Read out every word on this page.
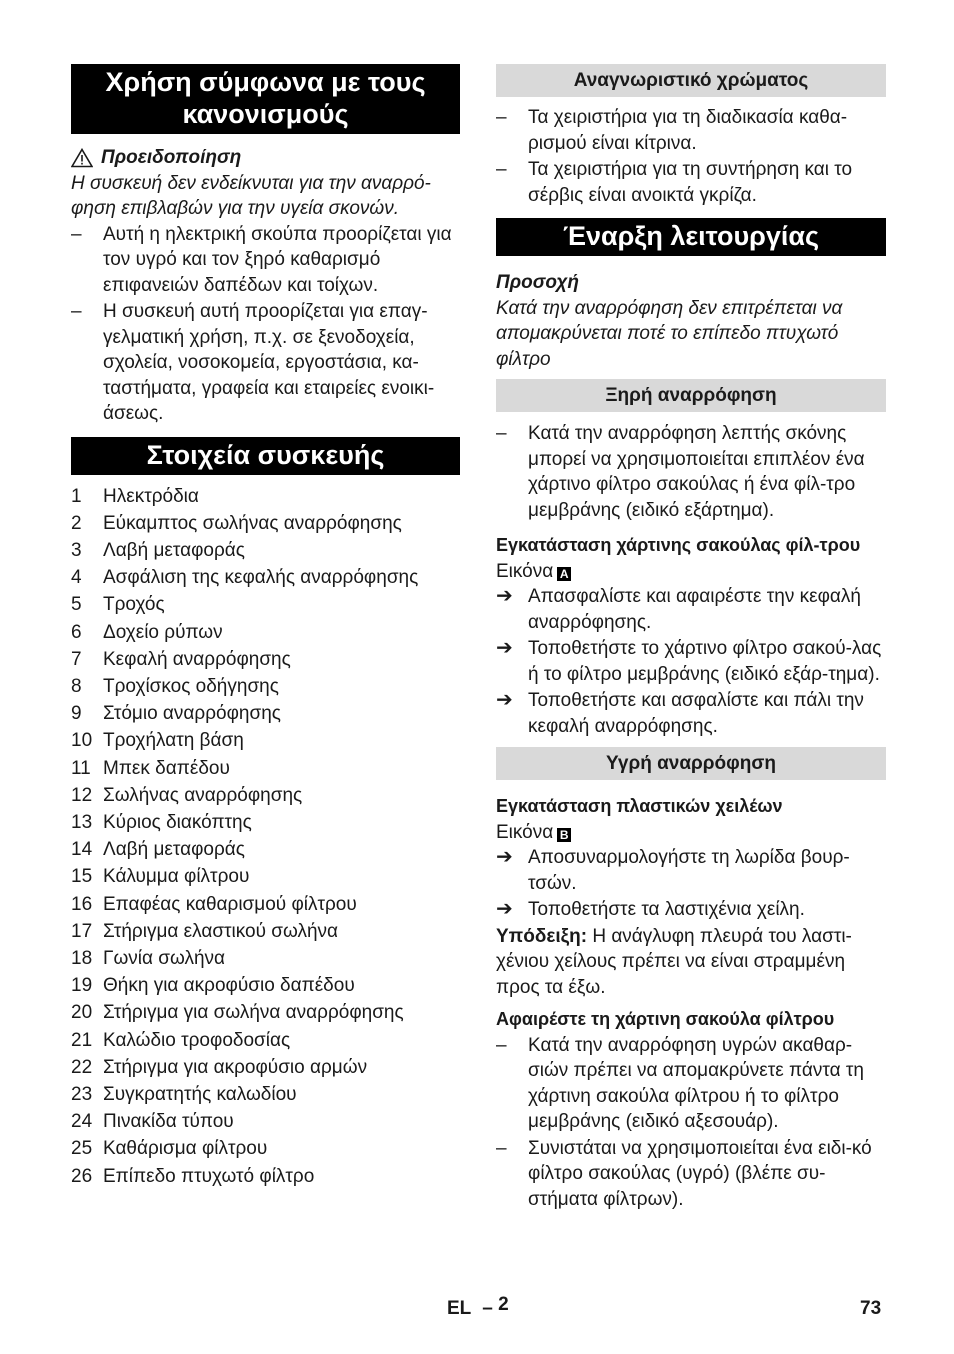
Χρήση σύμφωνα με τους κανονισμούς
Προειδοποίηση

Η συσκευή δεν ενδείκνυται για την αναρρό-φηση επιβλαβών για την υγεία σκονών.

–	Αυτή η ηλεκτρική σκούπα προορίζεται για τον υγρό και τον ξηρό καθαρισμό επιφανειών δαπέδων και τοίχων.
–	Η συσκευή αυτή προορίζεται για επαγ-γελματική χρήση, π.χ. σε ξενοδοχεία, σχολεία, νοσοκομεία, εργοστάσια, κα-ταστήματα, γραφεία και εταιρείες ενοικι-άσεως.
Στοιχεία συσκευής
1	Ηλεκτρόδια
2	Εύκαμπτος σωλήνας αναρρόφησης
3	Λαβή μεταφοράς
4	Ασφάλιση της κεφαλής αναρρόφησης
5	Τροχός
6	Δοχείο ρύπων
7	Κεφαλή αναρρόφησης
8	Τροχίσκος οδήγησης
9	Στόμιο αναρρόφησης
10 Τροχήλατη βάση
11 Μπεκ δαπέδου
12 Σωλήνας αναρρόφησης
13 Κύριος διακόπτης
14 Λαβή μεταφοράς
15 Κάλυμμα φίλτρου
16 Επαφέας καθαρισμού φίλτρου
17 Στήριγμα ελαστικού σωλήνα
18 Γωνία σωλήνα
19 Θήκη για ακροφύσιο δαπέδου
20 Στήριγμα για σωλήνα αναρρόφησης
21 Καλώδιο τροφοδοσίας
22 Στήριγμα για ακροφύσιο αρμών
23 Συγκρατητής καλωδίου
24 Πινακίδα τύπου
25 Καθάρισμα φίλτρου
26 Επίπεδο πτυχωτό φίλτρο
Αναγνωριστικό χρώματος
–	Τα χειριστήρια για τη διαδικασία καθα-ρισμού είναι κίτρινα.
–	Τα χειριστήρια για τη συντήρηση και το σέρβις είναι ανοικτά γκρίζα.
Έναρξη λειτουργίας

Προσοχή

Κατά την αναρρόφηση δεν επιτρέπεται να απομακρύνεται ποτέ το επίπεδο πτυχωτό φίλτρο

Ξηρή αναρρόφηση
–	Κατά την αναρρόφηση λεπτής σκόνης μπορεί να χρησιμοποιείται επιπλέον ένα χάρτινο φίλτρο σακούλας ή ένα φίλ-τρο μεμβράνης (ειδικό εξάρτημα).

Εγκατάσταση χάρτινης σακούλας φίλ-τρου

Εικόνα A

➔ Απασφαλίστε και αφαιρέστε την κεφαλή αναρρόφησης.
➔ Τοποθετήστε το χάρτινο φίλτρο σακού-λας ή το φίλτρο μεμβράνης (ειδικό εξάρ-τημα).
➔ Τοποθετήστε και ασφαλίστε και πάλι την κεφαλή αναρρόφησης.
Υγρή αναρρόφηση

Εγκατάσταση πλαστικών χειλέων

Εικόνα B

➔ Αποσυναρμολογήστε τη λωρίδα βουρ-τσών.
➔ Τοποθετήστε τα λαστιχένια χείλη.

Υπόδειξη: Η ανάγλυφη πλευρά του λαστι-χένιου χείλους πρέπει να είναι στραμμένη προς τα έξω.

Αφαιρέστε τη χάρτινη σακούλα φίλτρου

–	Κατά την αναρρόφηση υγρών ακαθαρ-σιών πρέπει να απομακρύνετε πάντα τη χάρτινη σακούλα φίλτρου ή το φίλτρο μεμβράνης (ειδικό αξεσουάρ).
–	Συνιστάται να χρησιμοποιείται ένα ειδι-κό φίλτρο σακούλας (υγρό) (βλέπε συ-στήματα φίλτρων).
EL – 2	73
